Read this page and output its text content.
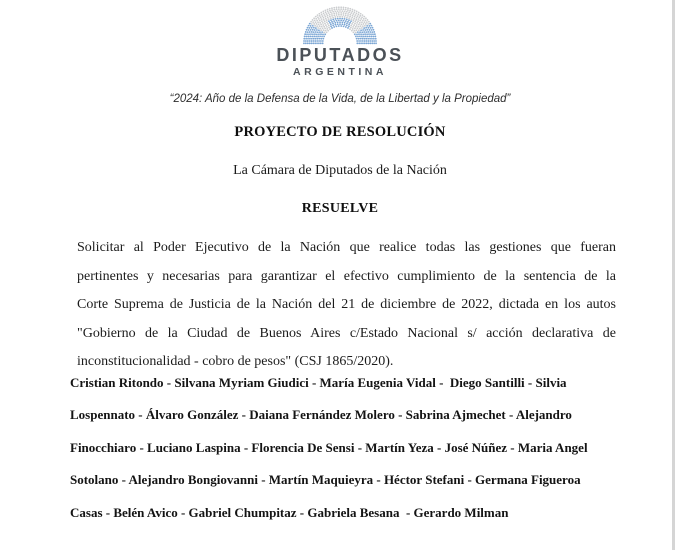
DIPUTADOS
ARGENTINA
“2024: Año de la Defensa de la Vida, de la Libertad y la Propiedad”
PROYECTO DE RESOLUCIÓN
La Cámara de Diputados de la Nación
RESUELVE
Solicitar al Poder Ejecutivo de la Nación que realice todas las gestiones que fueran
pertinentes y necesarias para garantizar el efectivo cumplimiento de la sentencia de la
Corte Suprema de Justicia de la Nación del 21 de diciembre de 2022, dictada en los autos
"Gobierno de la Ciudad de Buenos Aires c/Estado Nacional s/ acción declarativa de
inconstitucionalidad - cobro de pesos" (CSJ 1865/2020).
Cristian Ritondo - Silvana Myriam Giudici - María Eugenia Vidal -  Diego Santilli - Silvia
Lospennato - Álvaro González - Daiana Fernández Molero - Sabrina Ajmechet - Alejandro
Finocchiaro - Luciano Laspina - Florencia De Sensi - Martín Yeza - José Núñez - Maria Angel
Sotolano - Alejandro Bongiovanni - Martín Maquieyra - Héctor Stefani - Germana Figueroa
Casas - Belén Avico - Gabriel Chumpitaz - Gabriela Besana  - Gerardo Milman
